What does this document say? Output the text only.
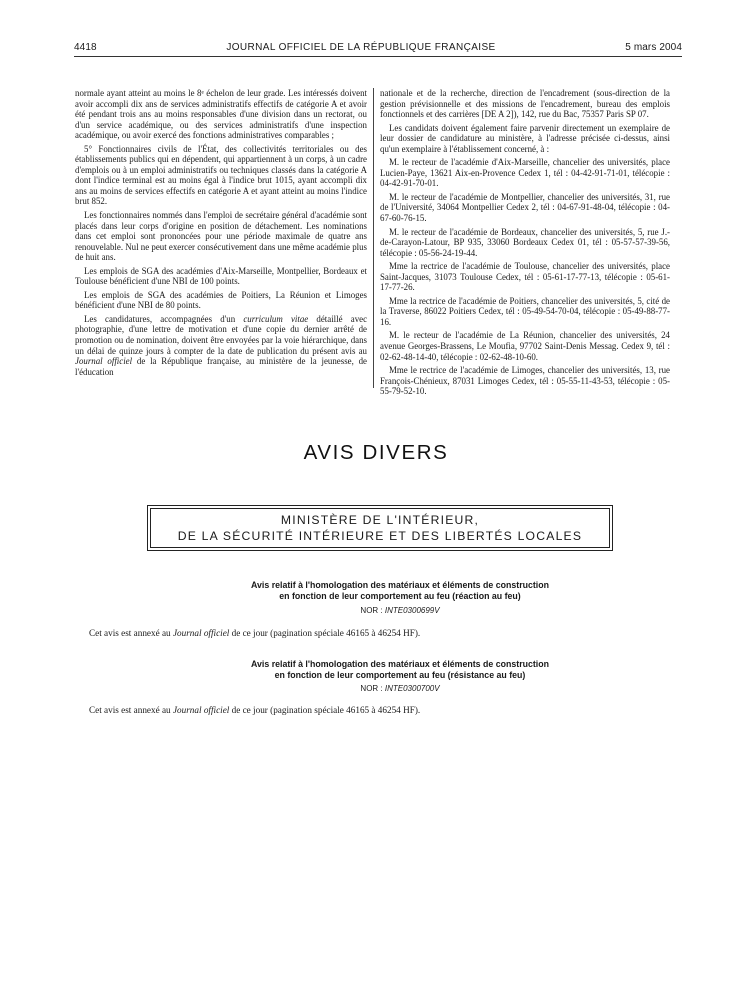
4418	JOURNAL OFFICIEL DE LA RÉPUBLIQUE FRANÇAISE	5 mars 2004

normale ayant atteint au moins le 8ᵉ échelon de leur grade. Les intéressés doivent avoir accompli dix ans de services administratifs effectifs de catégorie A et avoir été pendant trois ans au moins responsables d'une division dans un rectorat, ou d'un service académique, ou des services administratifs d'une inspection académique, ou avoir exercé des fonctions administratives comparables ;

5° Fonctionnaires civils de l'État, des collectivités territoriales ou des établissements publics qui en dépendent, qui appartiennent à un corps, à un cadre d'emplois ou à un emploi administratifs ou techniques classés dans la catégorie A dont l'indice terminal est au moins égal à l'indice brut 1015, ayant accompli dix ans au moins de services effectifs en catégorie A et ayant atteint au moins l'indice brut 852.

Les fonctionnaires nommés dans l'emploi de secrétaire général d'académie sont placés dans leur corps d'origine en position de détachement. Les nominations dans cet emploi sont prononcées pour une période maximale de quatre ans renouvelable. Nul ne peut exercer consécutivement dans une même académie plus de huit ans.

Les emplois de SGA des académies d'Aix-Marseille, Montpellier, Bordeaux et Toulouse bénéficient d'une NBI de 100 points.

Les emplois de SGA des académies de Poitiers, La Réunion et Limoges bénéficient d'une NBI de 80 points.

Les candidatures, accompagnées d'un curriculum vitae détaillé avec photographie, d'une lettre de motivation et d'une copie du dernier arrêté de promotion ou de nomination, doivent être envoyées par la voie hiérarchique, dans un délai de quinze jours à compter de la date de publication du présent avis au Journal officiel de la République française, au ministère de la jeunesse, de l'éducation

nationale et de la recherche, direction de l'encadrement (sous-direction de la gestion prévisionnelle et des missions de l'encadrement, bureau des emplois fonctionnels et des carrières [DE A 2]), 142, rue du Bac, 75357 Paris SP 07.

Les candidats doivent également faire parvenir directement un exemplaire de leur dossier de candidature au ministère, à l'adresse précisée ci-dessus, ainsi qu'un exemplaire à l'établissement concerné, à :

M. le recteur de l'académie d'Aix-Marseille, chancelier des universités, place Lucien-Paye, 13621 Aix-en-Provence Cedex 1, tél : 04-42-91-71-01, télécopie : 04-42-91-70-01.

M. le recteur de l'académie de Montpellier, chancelier des universités, 31, rue de l'Université, 34064 Montpellier Cedex 2, tél : 04-67-91-48-04, télécopie : 04-67-60-76-15.

M. le recteur de l'académie de Bordeaux, chancelier des universités, 5, rue J.-de-Carayon-Latour, BP 935, 33060 Bordeaux Cedex 01, tél : 05-57-57-39-56, télécopie : 05-56-24-19-44.

Mme la rectrice de l'académie de Toulouse, chancelier des universités, place Saint-Jacques, 31073 Toulouse Cedex, tél : 05-61-17-77-13, télécopie : 05-61-17-77-26.

Mme la rectrice de l'académie de Poitiers, chancelier des universités, 5, cité de la Traverse, 86022 Poitiers Cedex, tél : 05-49-54-70-04, télécopie : 05-49-88-77-16.

M. le recteur de l'académie de La Réunion, chancelier des universités, 24 avenue Georges-Brassens, Le Moufia, 97702 Saint-Denis Messag. Cedex 9, tél : 02-62-48-14-40, télécopie : 02-62-48-10-60.

Mme le rectrice de l'académie de Limoges, chancelier des universités, 13, rue François-Chénieux, 87031 Limoges Cedex, tél : 05-55-11-43-53, télécopie : 05-55-79-52-10.

AVIS DIVERS
MINISTÈRE DE L'INTÉRIEUR,
DE LA SÉCURITÉ INTÉRIEURE ET DES LIBERTÉS LOCALES
Avis relatif à l'homologation des matériaux et éléments de construction
en fonction de leur comportement au feu (réaction au feu)
NOR : INTE0300699V
Cet avis est annexé au Journal officiel de ce jour (pagination spéciale 46165 à 46254 HF).
Avis relatif à l'homologation des matériaux et éléments de construction
en fonction de leur comportement au feu (résistance au feu)
NOR : INTE0300700V
Cet avis est annexé au Journal officiel de ce jour (pagination spéciale 46165 à 46254 HF).
